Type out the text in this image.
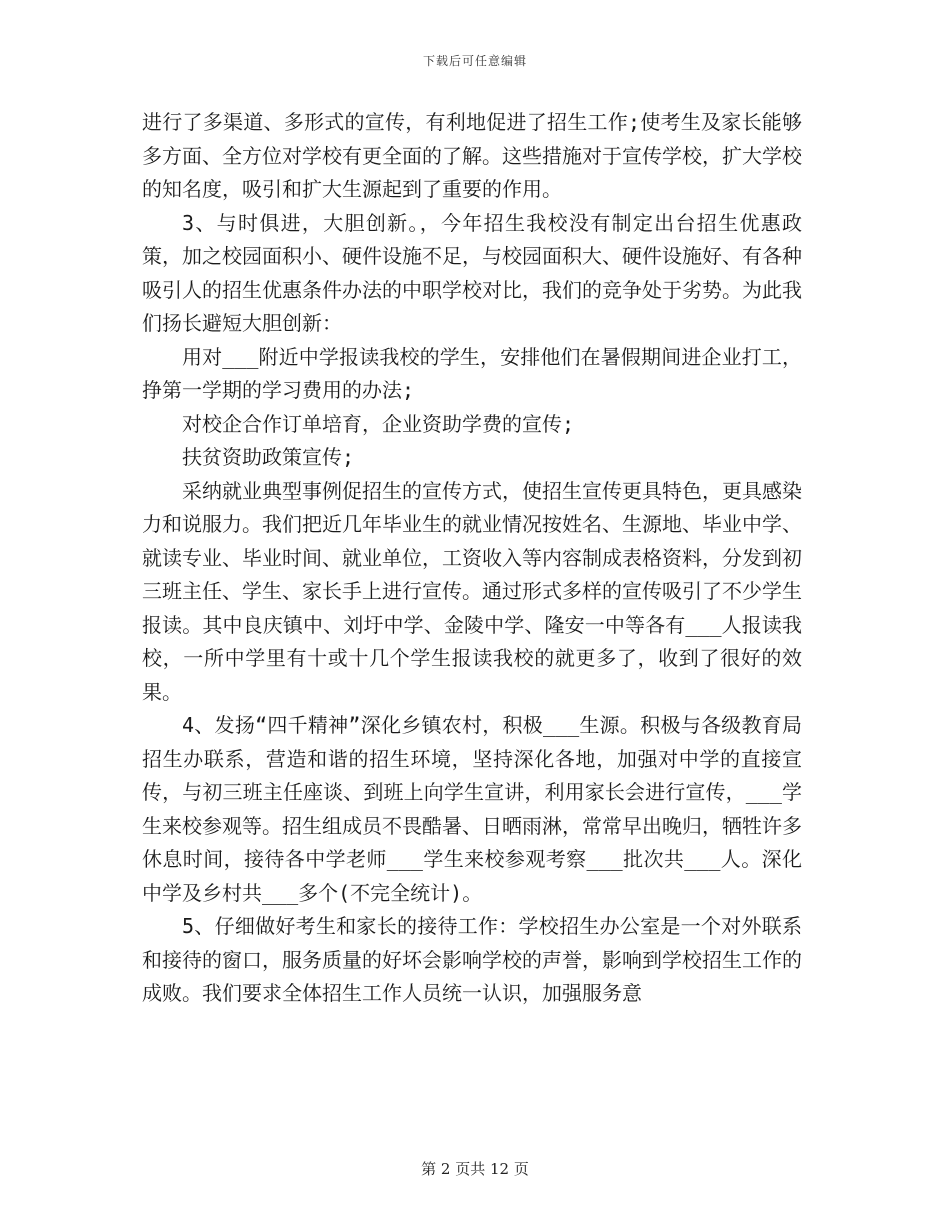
下载后可任意编辑

进行了多渠道、多形式的宣传，有利地促进了招生工作;使考生及家长能够多方面、全方位对学校有更全面的了解。这些措施对于宣传学校，扩大学校的知名度，吸引和扩大生源起到了重要的作用。

3、与时俱进，大胆创新。，今年招生我校没有制定出台招生优惠政策，加之校园面积小、硬件设施不足，与校园面积大、硬件设施好、有各种吸引人的招生优惠条件办法的中职学校对比，我们的竞争处于劣势。为此我们扬长避短大胆创新：

用对___附近中学报读我校的学生，安排他们在暑假期间进企业打工，挣第一学期的学习费用的办法;

对校企合作订单培育，企业资助学费的宣传;

扶贫资助政策宣传;

采纳就业典型事例促招生的宣传方式，使招生宣传更具特色，更具感染力和说服力。我们把近几年毕业生的就业情况按姓名、生源地、毕业中学、就读专业、毕业时间、就业单位，工资收入等内容制成表格资料，分发到初三班主任、学生、家长手上进行宣传。通过形式多样的宣传吸引了不少学生报读。其中良庆镇中、刘圩中学、金陵中学、隆安一中等各有___人报读我校，一所中学里有十或十几个学生报读我校的就更多了，收到了很好的效果。

4、发扬“四千精神”深化乡镇农村，积极___生源。积极与各级教育局招生办联系，营造和谐的招生环境，坚持深化各地，加强对中学的直接宣传，与初三班主任座谈、到班上向学生宣讲，利用家长会进行宣传，___学生来校参观等。招生组成员不畏酷暑、日晒雨淋，常常早出晚归，牺牲许多休息时间，接待各中学老师___学生来校参观考察___批次共___人。深化中学及乡村共___多个(不完全统计)。

5、仔细做好考生和家长的接待工作：学校招生办公室是一个对外联系和接待的窗口，服务质量的好坏会影响学校的声誉，影响到学校招生工作的成败。我们要求全体招生工作人员统一认识，加强服务意

第 2 页共 12 页
